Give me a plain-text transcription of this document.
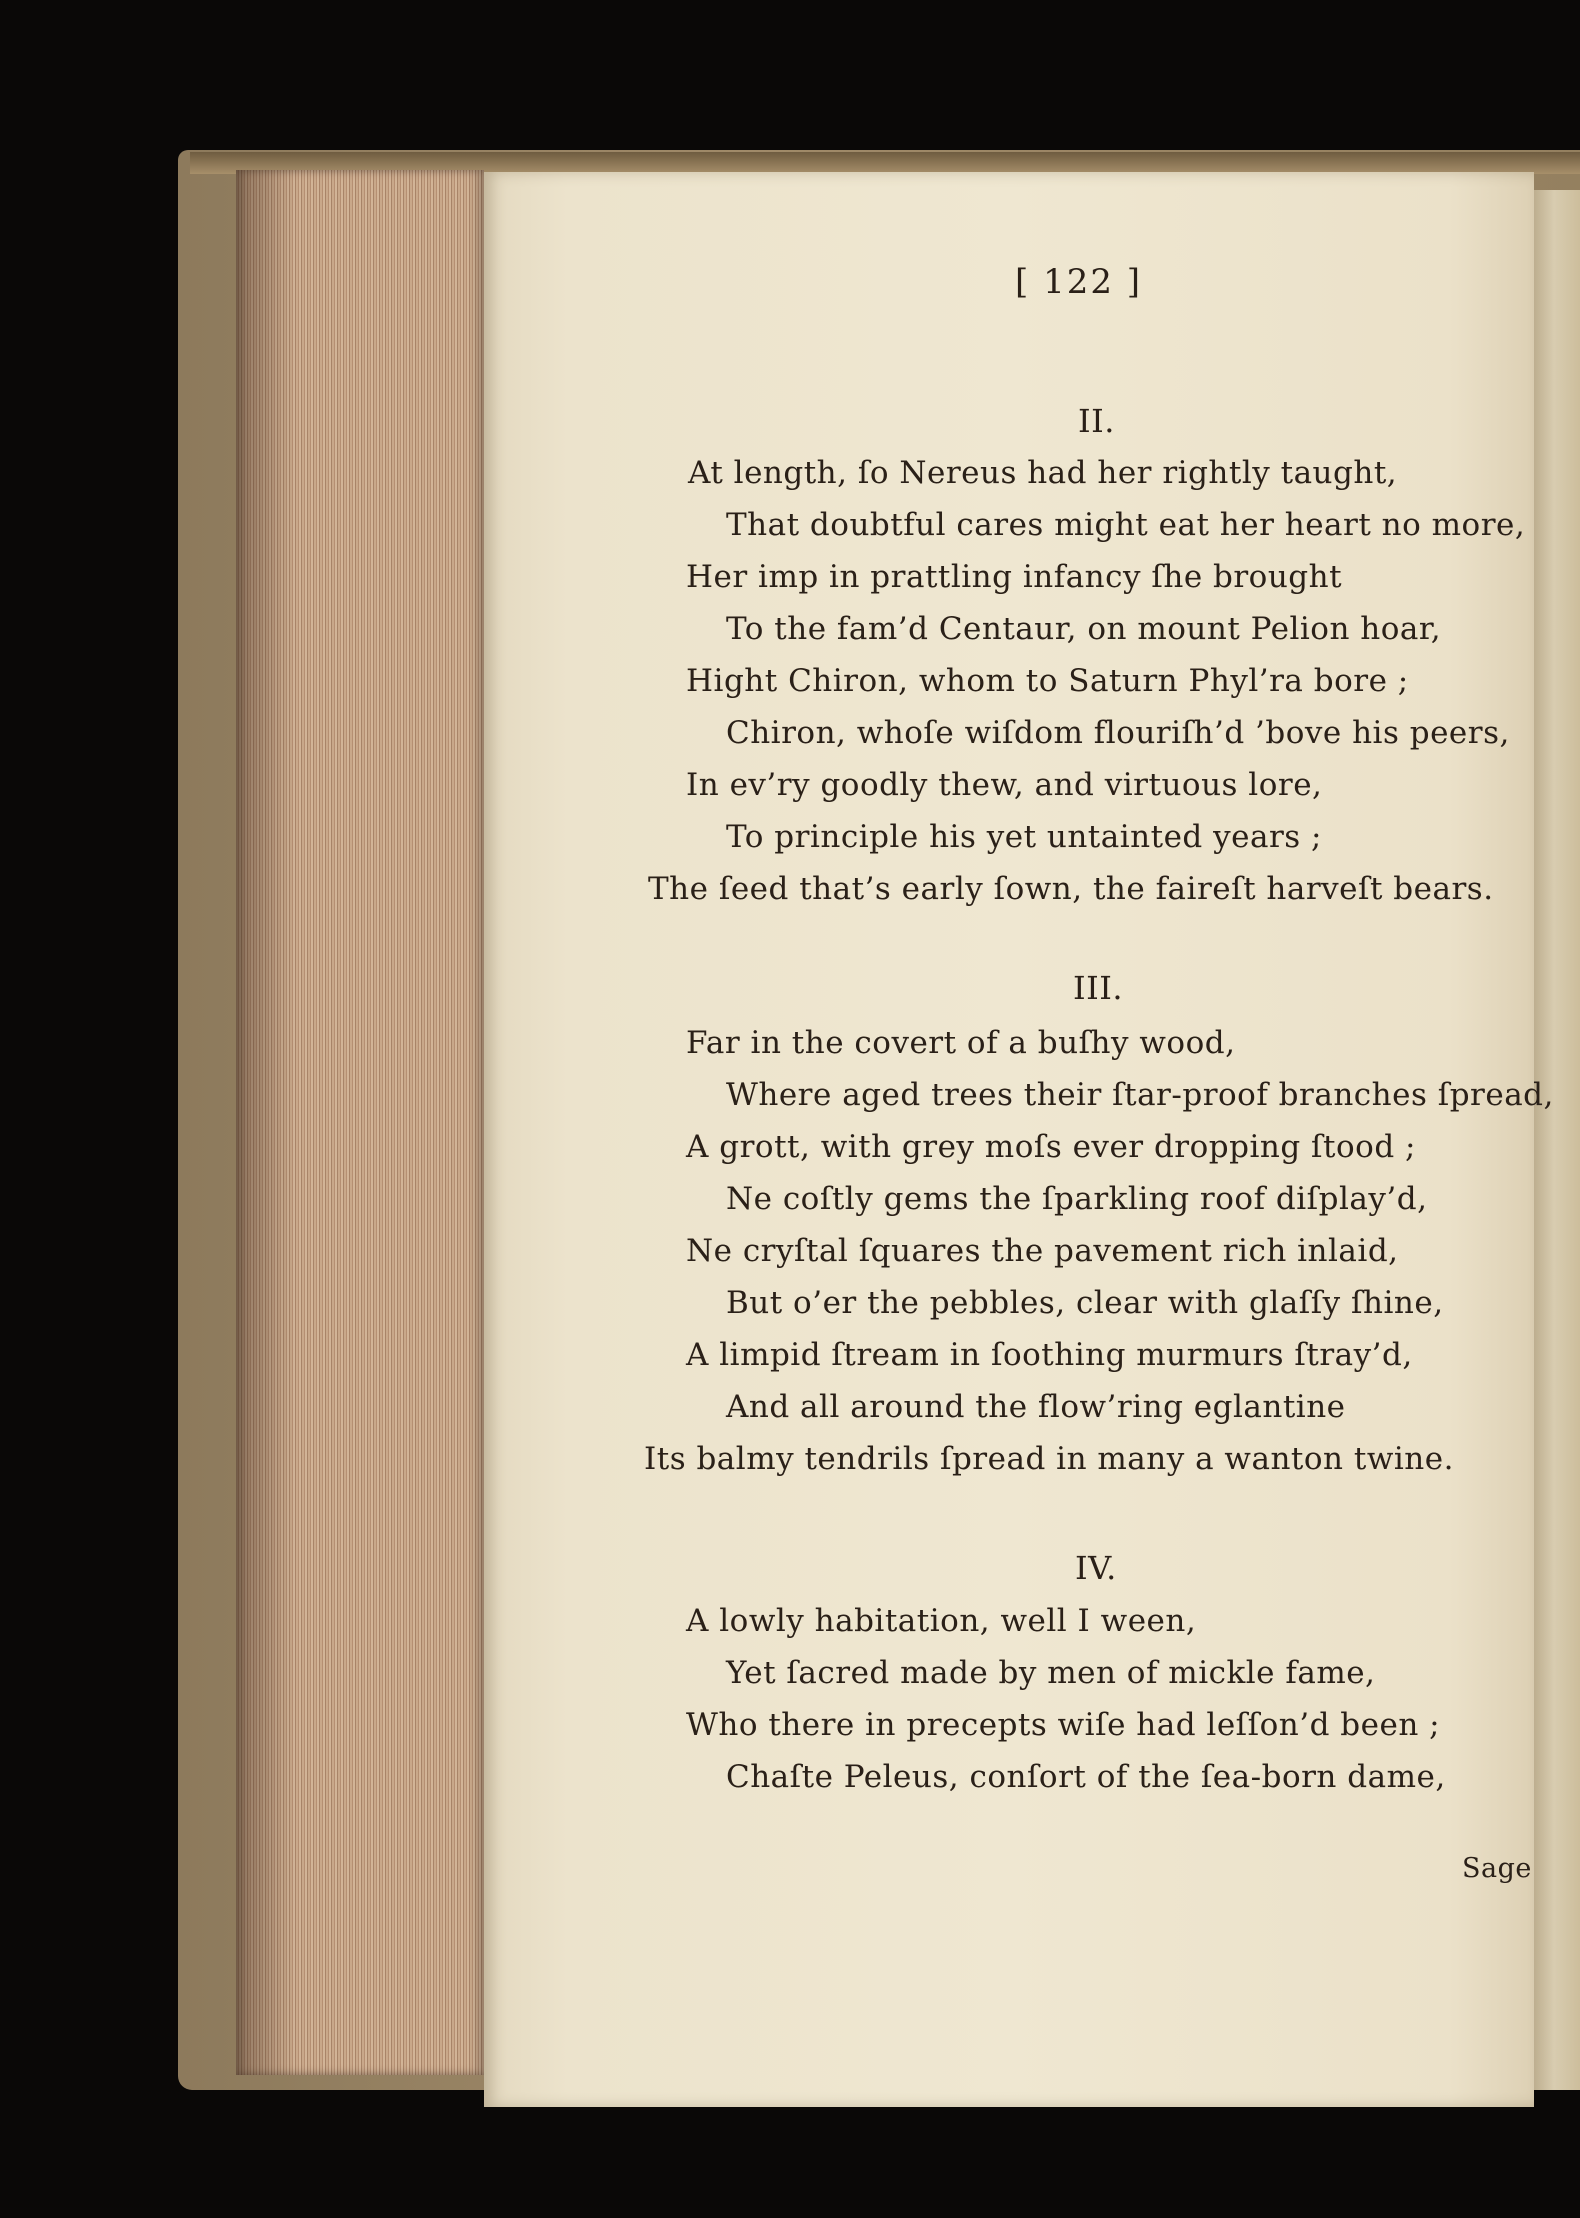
[ 122 ]
II.
At length, ſo Nereus had her rightly taught,
That doubtful cares might eat her heart no more,
Her imp in prattling infancy ſhe brought
To the fam’d Centaur, on mount Pelion hoar,
Hight Chiron, whom to Saturn Phyl’ra bore ;
Chiron, whoſe wiſdom flouriſh’d ’bove his peers,
In ev’ry goodly thew, and virtuous lore,
To principle his yet untainted years ;
The ſeed that’s early ſown, the faireſt harveſt bears.
III.
Far in the covert of a buſhy wood,
Where aged trees their ſtar-proof branches ſpread,
A grott, with grey moſs ever dropping ſtood ;
Ne coſtly gems the ſparkling roof diſplay’d,
Ne cryſtal ſquares the pavement rich inlaid,
But o’er the pebbles, clear with glaſſy ſhine,
A limpid ſtream in ſoothing murmurs ſtray’d,
And all around the flow’ring eglantine
Its balmy tendrils ſpread in many a wanton twine.
IV.
A lowly habitation, well I ween,
Yet ſacred made by men of mickle fame,
Who there in precepts wiſe had leſſon’d been ;
Chaſte Peleus, conſort of the ſea-born dame,
Sage
